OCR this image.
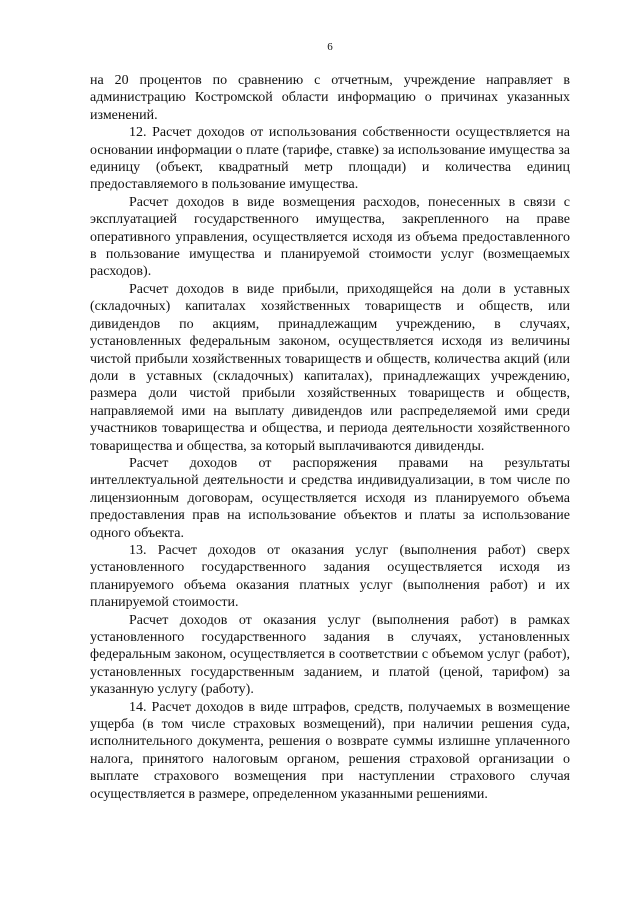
6

на 20 процентов по сравнению с отчетным, учреждение направляет в администрацию Костромской области информацию о причинах указанных изменений.

12. Расчет доходов от использования собственности осуществляется на основании информации о плате (тарифе, ставке) за использование имущества за единицу (объект, квадратный метр площади) и количества единиц предоставляемого в пользование имущества.

Расчет доходов в виде возмещения расходов, понесенных в связи с эксплуатацией государственного имущества, закрепленного на праве оперативного управления, осуществляется исходя из объема предоставленного в пользование имущества и планируемой стоимости услуг (возмещаемых расходов).

Расчет доходов в виде прибыли, приходящейся на доли в уставных (складочных) капиталах хозяйственных товариществ и обществ, или дивидендов по акциям, принадлежащим учреждению, в случаях, установленных федеральным законом, осуществляется исходя из величины чистой прибыли хозяйственных товариществ и обществ, количества акций (или доли в уставных (складочных) капиталах), принадлежащих учреждению, размера доли чистой прибыли хозяйственных товариществ и обществ, направляемой ими на выплату дивидендов или распределяемой ими среди участников товарищества и общества, и периода деятельности хозяйственного товарищества и общества, за который выплачиваются дивиденды.

Расчет доходов от распоряжения правами на результаты интеллектуальной деятельности и средства индивидуализации, в том числе по лицензионным договорам, осуществляется исходя из планируемого объема предоставления прав на использование объектов и платы за использование одного объекта.

13. Расчет доходов от оказания услуг (выполнения работ) сверх установленного государственного задания осуществляется исходя из планируемого объема оказания платных услуг (выполнения работ) и их планируемой стоимости.

Расчет доходов от оказания услуг (выполнения работ) в рамках установленного государственного задания в случаях, установленных федеральным законом, осуществляется в соответствии с объемом услуг (работ), установленных государственным заданием, и платой (ценой, тарифом) за указанную услугу (работу).

14. Расчет доходов в виде штрафов, средств, получаемых в возмещение ущерба (в том числе страховых возмещений), при наличии решения суда, исполнительного документа, решения о возврате суммы излишне уплаченного налога, принятого налоговым органом, решения страховой организации о выплате страхового возмещения при наступлении страхового случая осуществляется в размере, определенном указанными решениями.
